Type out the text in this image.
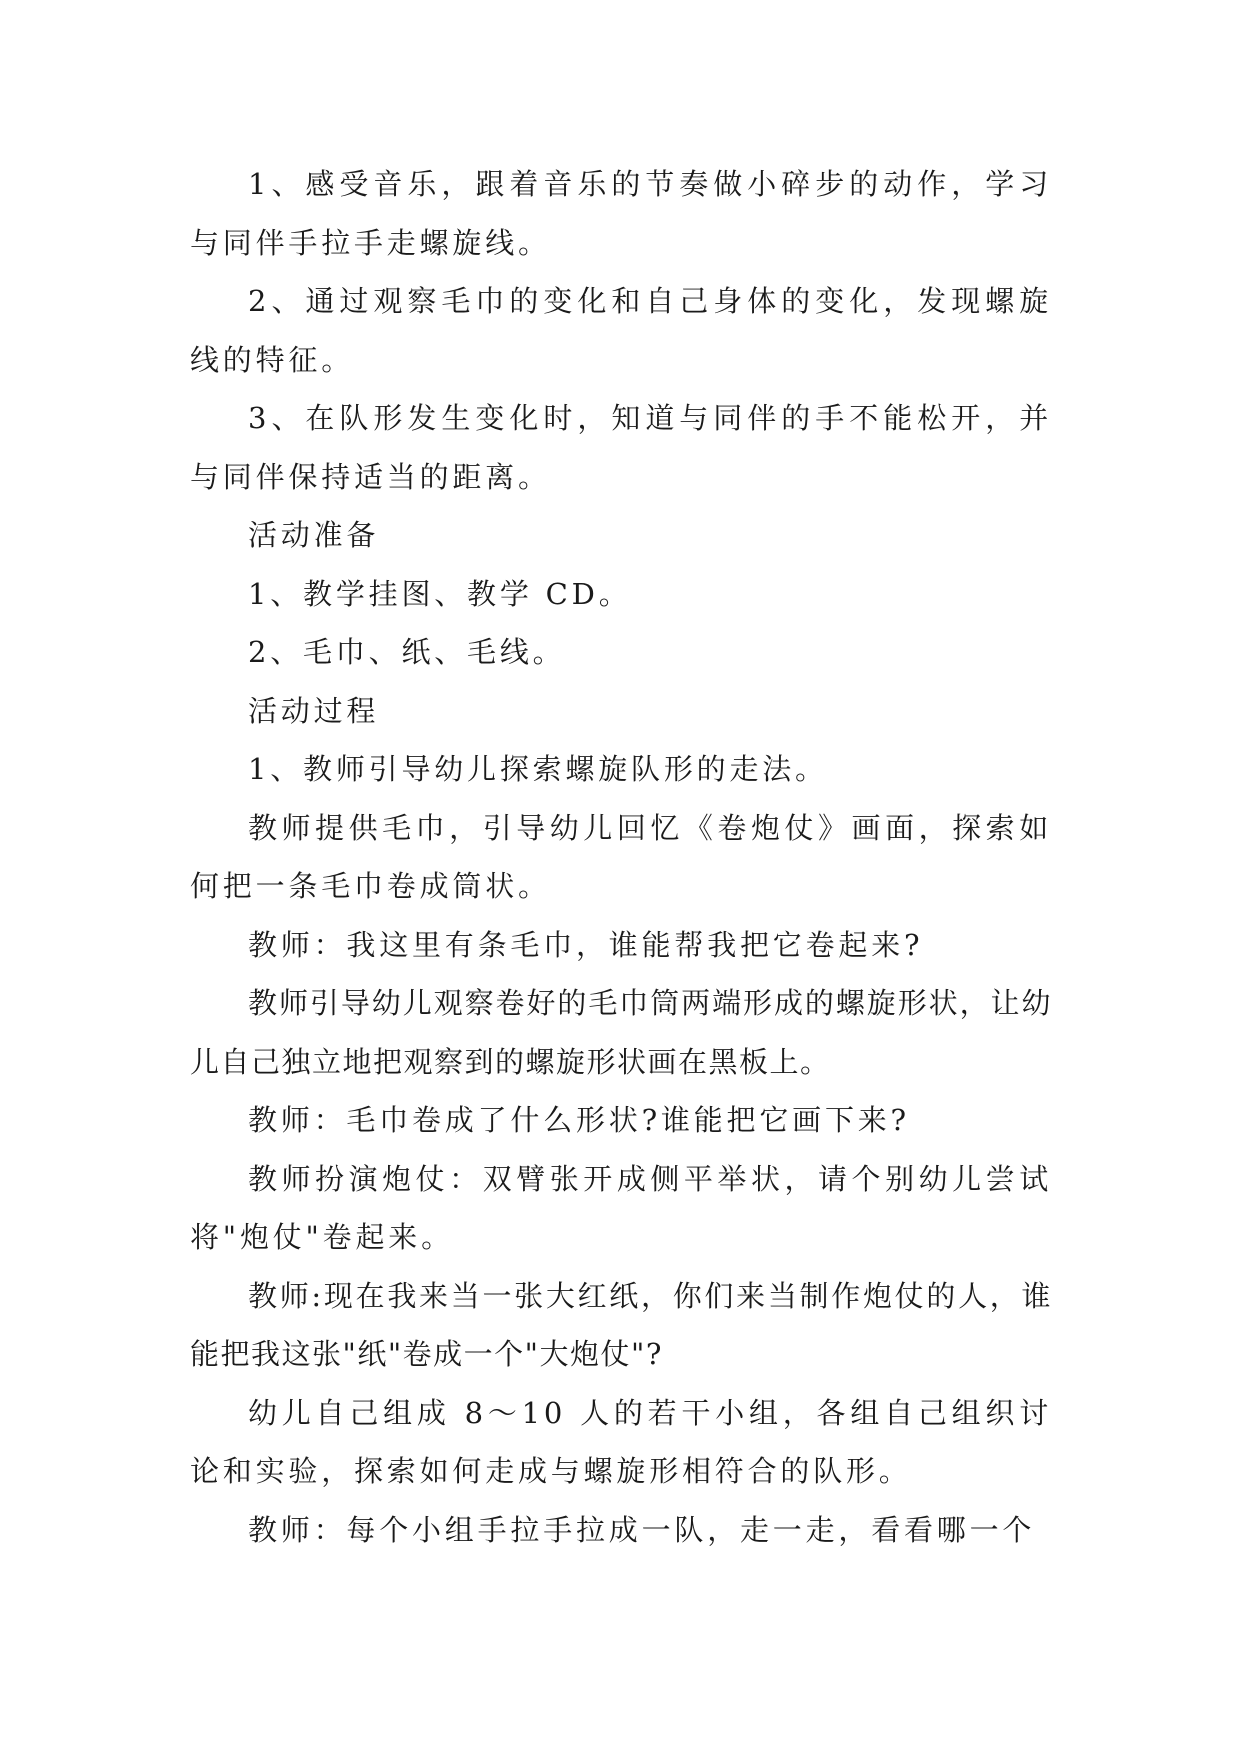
1、感受音乐，跟着音乐的节奏做小碎步的动作，学习与同伴手拉手走螺旋线。

2、通过观察毛巾的变化和自己身体的变化，发现螺旋线的特征。

3、在队形发生变化时，知道与同伴的手不能松开，并与同伴保持适当的距离。

活动准备

1、教学挂图、教学 CD。

2、毛巾、纸、毛线。

活动过程

1、教师引导幼儿探索螺旋队形的走法。

教师提供毛巾，引导幼儿回忆《卷炮仗》画面，探索如何把一条毛巾卷成筒状。

教师：我这里有条毛巾，谁能帮我把它卷起来?

教师引导幼儿观察卷好的毛巾筒两端形成的螺旋形状，让幼儿自己独立地把观察到的螺旋形状画在黑板上。

教师：毛巾卷成了什么形状?谁能把它画下来?

教师扮演炮仗：双臂张开成侧平举状，请个别幼儿尝试将"炮仗"卷起来。

教师:现在我来当一张大红纸，你们来当制作炮仗的人，谁能把我这张"纸"卷成一个"大炮仗"?

幼儿自己组成 8～10 人的若干小组，各组自己组织讨论和实验，探索如何走成与螺旋形相符合的队形。

教师：每个小组手拉手拉成一队，走一走，看看哪一个
